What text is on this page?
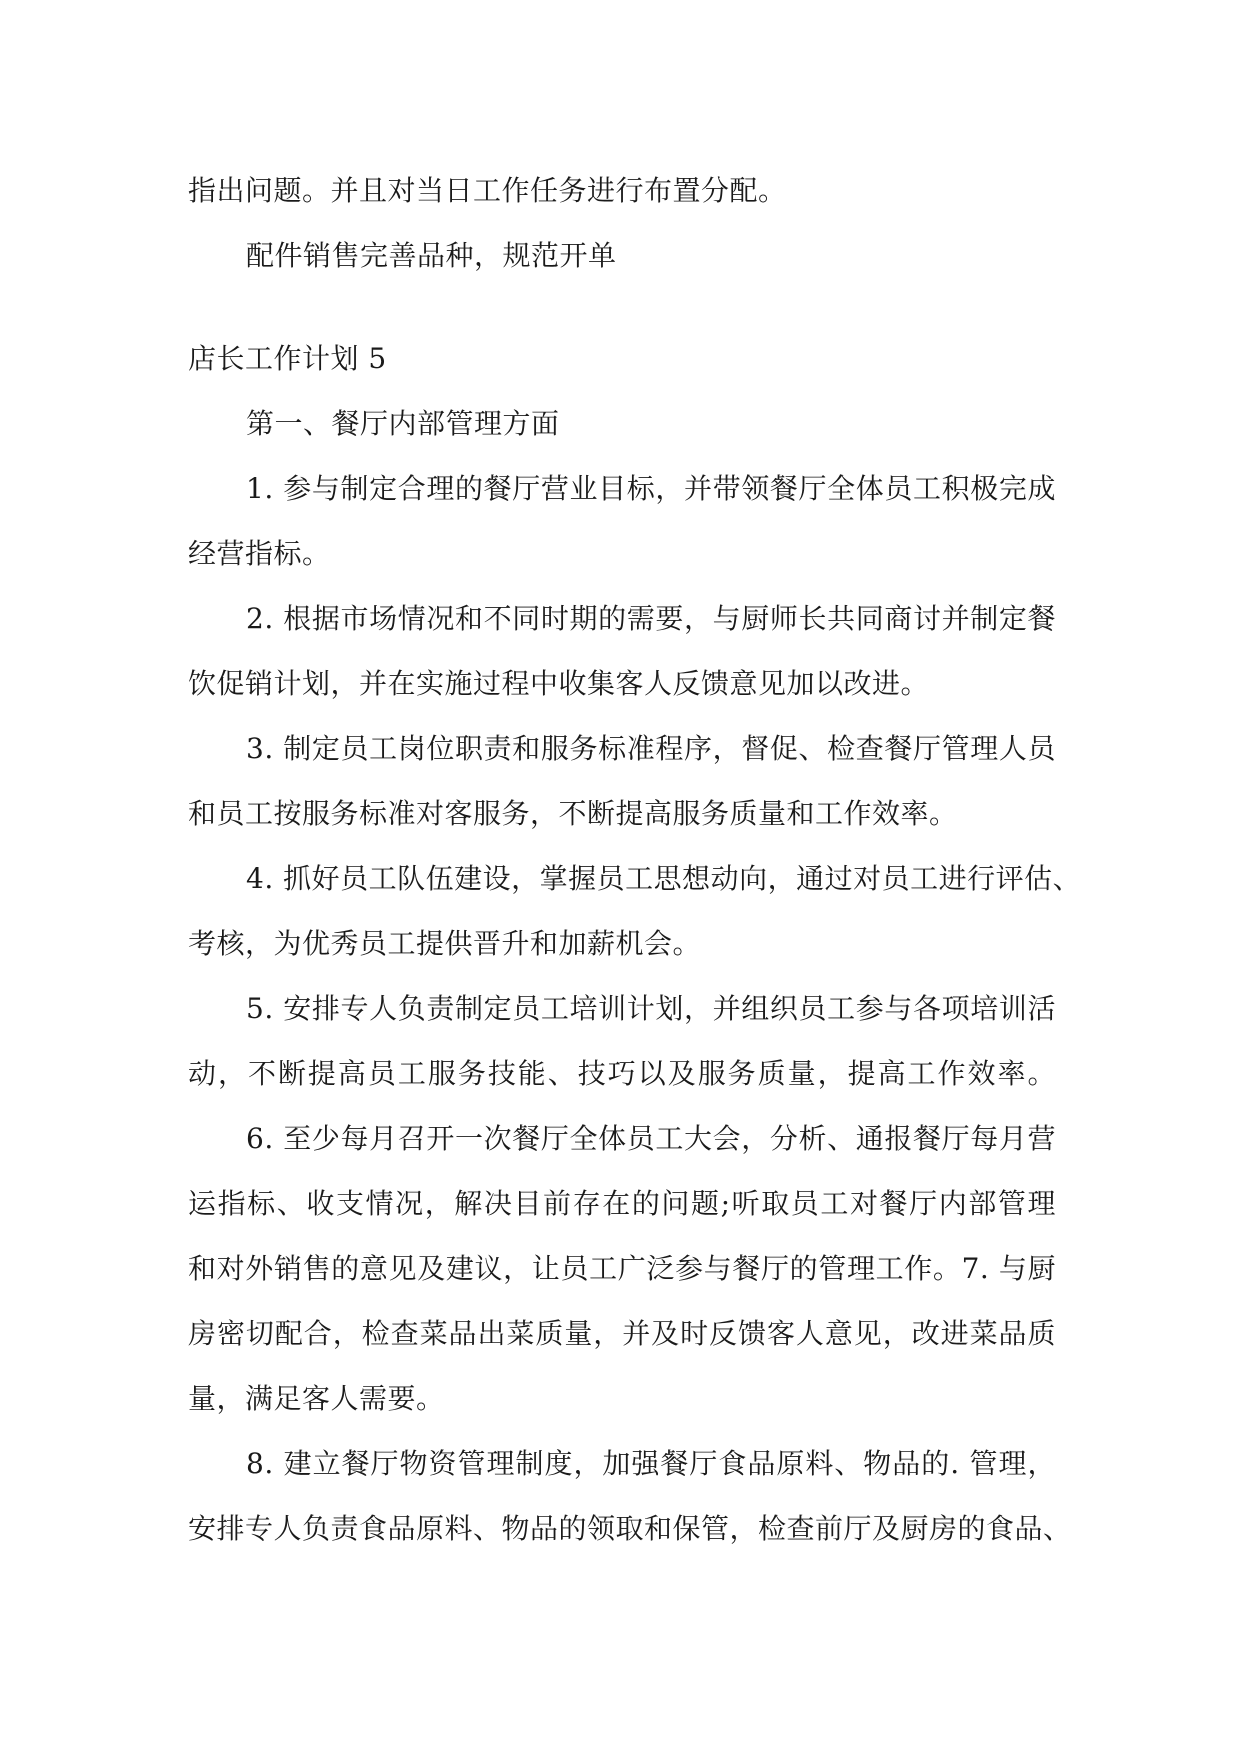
指出问题。并且对当日工作任务进行布置分配。
配件销售完善品种，规范开单
店长工作计划 5
第一、餐厅内部管理方面
1. 参与制定合理的餐厅营业目标，并带领餐厅全体员工积极完成
经营指标。
2. 根据市场情况和不同时期的需要，与厨师长共同商讨并制定餐
饮促销计划，并在实施过程中收集客人反馈意见加以改进。
3. 制定员工岗位职责和服务标准程序，督促、检查餐厅管理人员
和员工按服务标准对客服务，不断提高服务质量和工作效率。
4. 抓好员工队伍建设，掌握员工思想动向，通过对员工进行评估、
考核，为优秀员工提供晋升和加薪机会。
5. 安排专人负责制定员工培训计划，并组织员工参与各项培训活
动，不断提高员工服务技能、技巧以及服务质量，提高工作效率。
6. 至少每月召开一次餐厅全体员工大会，分析、通报餐厅每月营
运指标、收支情况，解决目前存在的问题;听取员工对餐厅内部管理
和对外销售的意见及建议，让员工广泛参与餐厅的管理工作。7. 与厨
房密切配合，检查菜品出菜质量，并及时反馈客人意见，改进菜品质
量，满足客人需要。
8. 建立餐厅物资管理制度，加强餐厅食品原料、物品的. 管理，
安排专人负责食品原料、物品的领取和保管，检查前厅及厨房的食品、
